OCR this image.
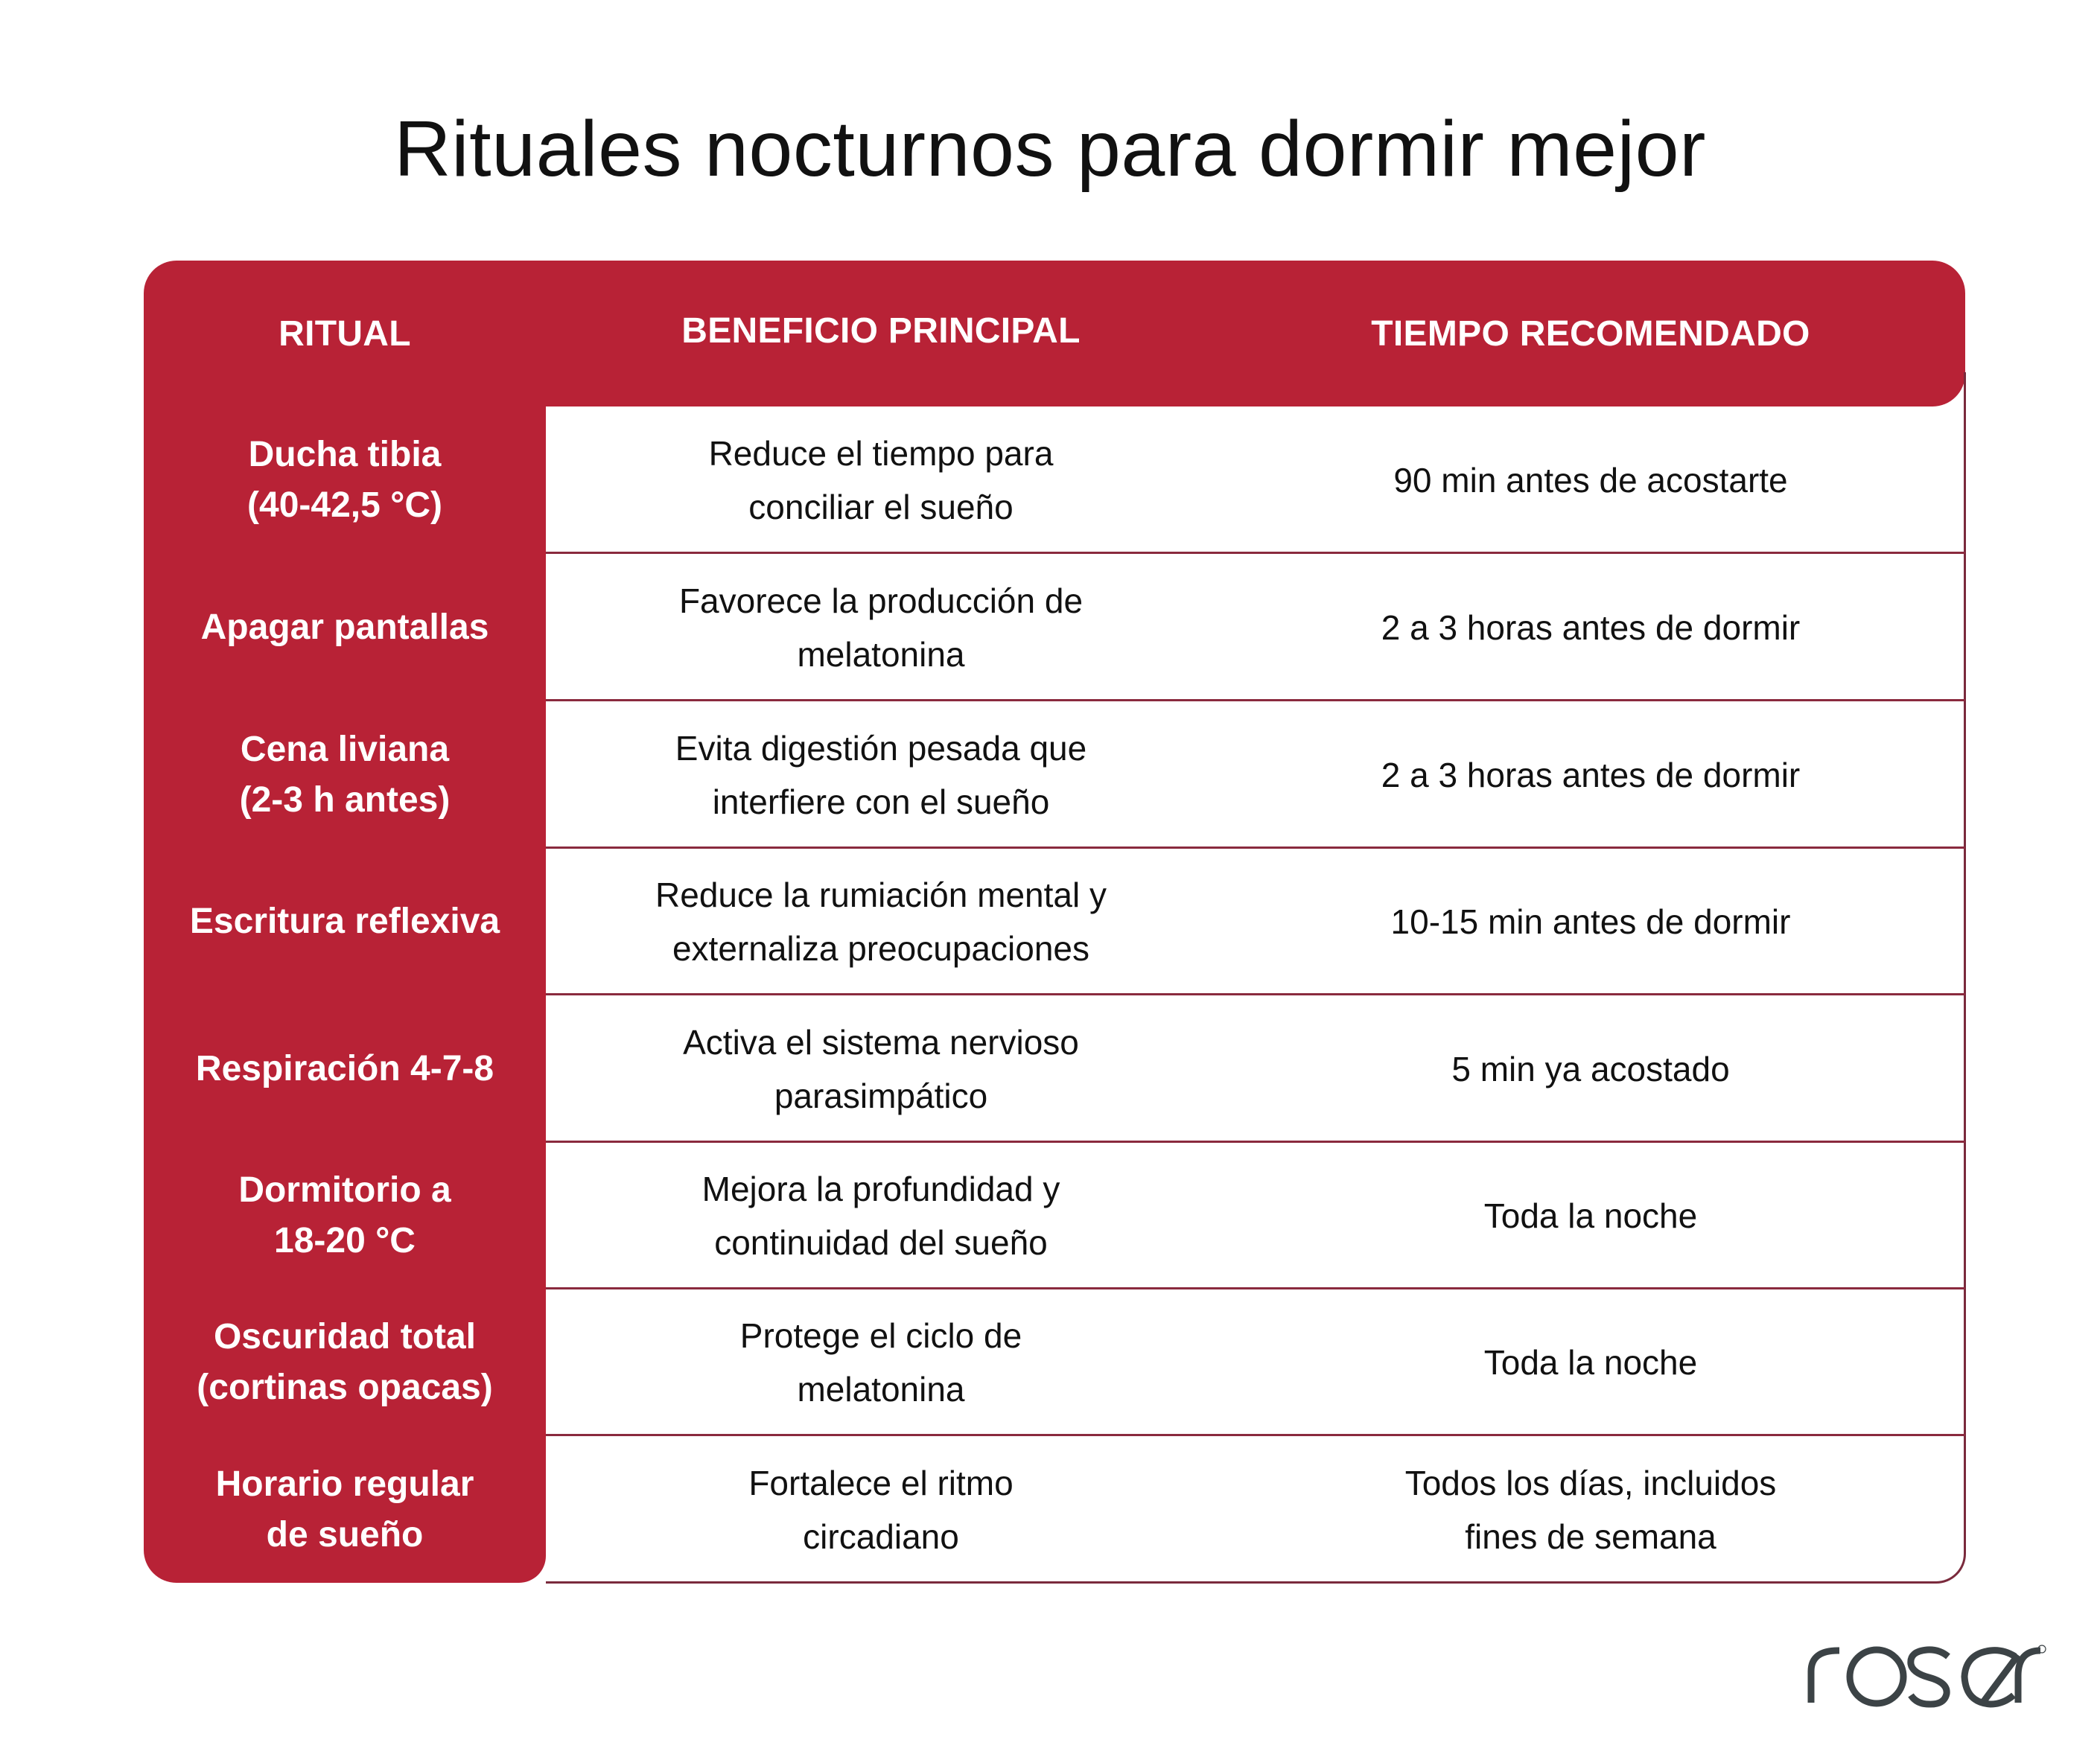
Rituales nocturnos para dormir mejor
RITUAL	BENEFICIO PRINCIPAL	TIEMPO RECOMENDADO
Ducha tibia
(40-42,5 °C)
Reduce el tiempo para
conciliar el sueño
90 min antes de acostarte
Apagar pantallas
Favorece la producción de
melatonina
2 a 3 horas antes de dormir
Cena liviana
(2-3 h antes)
Evita digestión pesada que
interfiere con el sueño
2 a 3 horas antes de dormir
Escritura reflexiva
Reduce la rumiación mental y
externaliza preocupaciones
10-15 min antes de dormir
Respiración 4-7-8
Activa el sistema nervioso
parasimpático
5 min ya acostado
Dormitorio a
18-20 °C
Mejora la profundidad y
continuidad del sueño
Toda la noche
Oscuridad total
(cortinas opacas)
Protege el ciclo de
melatonina
Toda la noche
Horario regular
de sueño
Fortalece el ritmo
circadiano
Todos los días, incluidos
fines de semana
